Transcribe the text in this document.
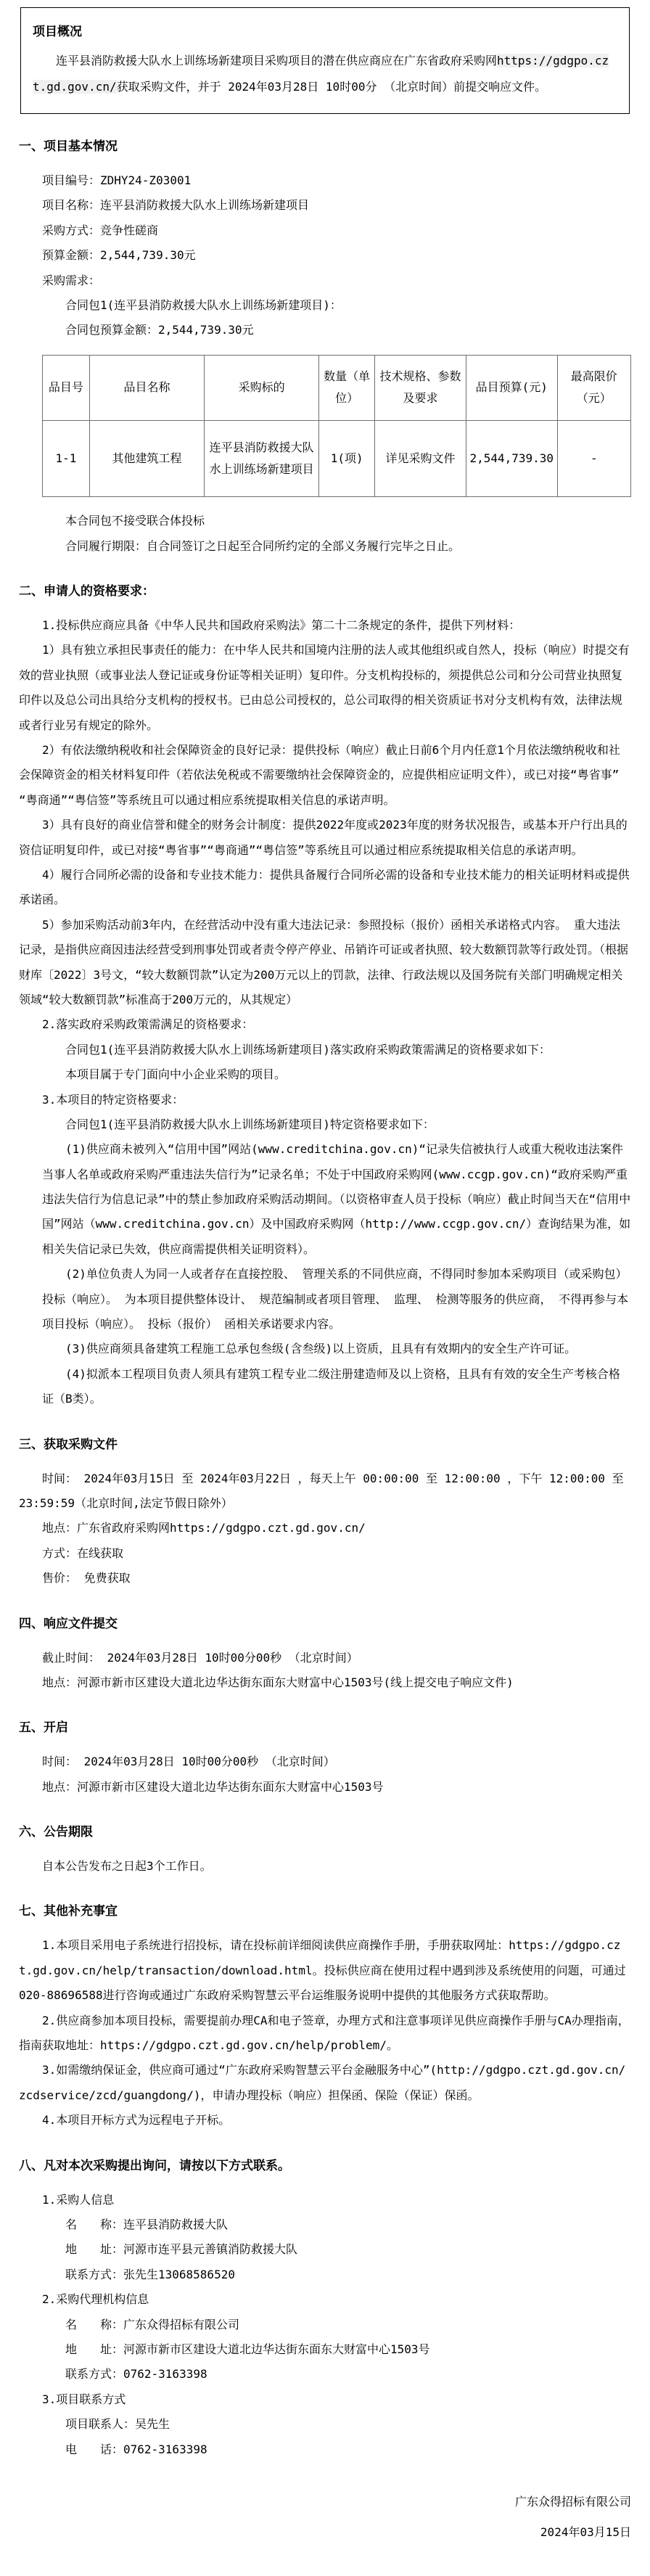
项目概况

连平县消防救援大队水上训练场新建项目采购项目的潜在供应商应在广东省政府采购网https://gdgpo.czt.gd.gov.cn/获取采购文件，并于 2024年03月28日 10时00分 （北京时间）前提交响应文件。

一、项目基本情况

项目编号：ZDHY24-Z03001

项目名称：连平县消防救援大队水上训练场新建项目

采购方式：竞争性磋商

预算金额：2,544,739.30元

采购需求：

合同包1(连平县消防救援大队水上训练场新建项目)：

合同包预算金额：2,544,739.30元

品目号	品目名称	采购标的	数量（单位）	技术规格、参数及要求	品目预算(元)	最高限价（元）
1-1	其他建筑工程	连平县消防救援大队水上训练场新建项目	1(项)	详见采购文件	2,544,739.30	-

本合同包不接受联合体投标

合同履行期限：自合同签订之日起至合同所约定的全部义务履行完毕之日止。

二、申请人的资格要求：

1.投标供应商应具备《中华人民共和国政府采购法》第二十二条规定的条件，提供下列材料：

1）具有独立承担民事责任的能力：在中华人民共和国境内注册的法人或其他组织或自然人，投标（响应）时提交有效的营业执照（或事业法人登记证或身份证等相关证明）复印件。分支机构投标的，须提供总公司和分公司营业执照复印件以及总公司出具给分支机构的授权书。已由总公司授权的，总公司取得的相关资质证书对分支机构有效，法律法规或者行业另有规定的除外。

2）有依法缴纳税收和社会保障资金的良好记录：提供投标（响应）截止日前6个月内任意1个月依法缴纳税收和社会保障资金的相关材料复印件（若依法免税或不需要缴纳社会保障资金的，应提供相应证明文件），或已对接“粤省事”“粤商通”“粤信签”等系统且可以通过相应系统提取相关信息的承诺声明。

3）具有良好的商业信誉和健全的财务会计制度：提供2022年度或2023年度的财务状况报告，或基本开户行出具的资信证明复印件，或已对接“粤省事”“粤商通”“粤信签”等系统且可以通过相应系统提取相关信息的承诺声明。

4）履行合同所必需的设备和专业技术能力：提供具备履行合同所必需的设备和专业技术能力的相关证明材料或提供承诺函。

5）参加采购活动前3年内，在经营活动中没有重大违法记录：参照投标（报价）函相关承诺格式内容。 重大违法记录，是指供应商因违法经营受到刑事处罚或者责令停产停业、吊销许可证或者执照、较大数额罚款等行政处罚。（根据财库〔2022〕3号文，“较大数额罚款”认定为200万元以上的罚款，法律、行政法规以及国务院有关部门明确规定相关领域“较大数额罚款”标准高于200万元的，从其规定）

2.落实政府采购政策需满足的资格要求：

合同包1(连平县消防救援大队水上训练场新建项目)落实政府采购政策需满足的资格要求如下：

本项目属于专门面向中小企业采购的项目。

3.本项目的特定资格要求：

合同包1(连平县消防救援大队水上训练场新建项目)特定资格要求如下：

(1)供应商未被列入“信用中国”网站(www.creditchina.gov.cn)“记录失信被执行人或重大税收违法案件当事人名单或政府采购严重违法失信行为”记录名单；不处于中国政府采购网(www.ccgp.gov.cn)“政府采购严重违法失信行为信息记录”中的禁止参加政府采购活动期间。（以资格审查人员于投标（响应）截止时间当天在“信用中国”网站（www.creditchina.gov.cn）及中国政府采购网（http://www.ccgp.gov.cn/）查询结果为准，如相关失信记录已失效，供应商需提供相关证明资料）。

(2)单位负责人为同一人或者存在直接控股、 管理关系的不同供应商，不得同时参加本采购项目（或采购包）投标（响应）。 为本项目提供整体设计、 规范编制或者项目管理、 监理、 检测等服务的供应商， 不得再参与本项目投标（响应）。 投标（报价） 函相关承诺要求内容。

(3)供应商须具备建筑工程施工总承包叁级(含叁级)以上资质，且具有有效期内的安全生产许可证。

(4)拟派本工程项目负责人须具有建筑工程专业二级注册建造师及以上资格，且具有有效的安全生产考核合格证（B类）。

三、获取采购文件

时间： 2024年03月15日 至 2024年03月22日 ，每天上午 00:00:00 至 12:00:00 ，下午 12:00:00 至 23:59:59（北京时间,法定节假日除外）

地点：广东省政府采购网https://gdgpo.czt.gd.gov.cn/

方式：在线获取

售价： 免费获取

四、响应文件提交

截止时间： 2024年03月28日 10时00分00秒 （北京时间）

地点：河源市新市区建设大道北边华达街东面东大财富中心1503号(线上提交电子响应文件)

五、开启

时间： 2024年03月28日 10时00分00秒 （北京时间）

地点：河源市新市区建设大道北边华达街东面东大财富中心1503号

六、公告期限

自本公告发布之日起3个工作日。

七、其他补充事宜

1.本项目采用电子系统进行招投标，请在投标前详细阅读供应商操作手册，手册获取网址：https://gdgpo.czt.gd.gov.cn/help/transaction/download.html。投标供应商在使用过程中遇到涉及系统使用的问题，可通过020-88696588进行咨询或通过广东政府采购智慧云平台运维服务说明中提供的其他服务方式获取帮助。

2.供应商参加本项目投标，需要提前办理CA和电子签章，办理方式和注意事项详见供应商操作手册与CA办理指南，指南获取地址：https://gdgpo.czt.gd.gov.cn/help/problem/。

3.如需缴纳保证金，供应商可通过“广东政府采购智慧云平台金融服务中心”(http://gdgpo.czt.gd.gov.cn/zcdservice/zcd/guangdong/)，申请办理投标（响应）担保函、保险（保证）保函。

4.本项目开标方式为远程电子开标。

八、凡对本次采购提出询问，请按以下方式联系。

1.采购人信息

名　　称：连平县消防救援大队

地　　址：河源市连平县元善镇消防救援大队

联系方式：张先生13068586520

2.采购代理机构信息

名　　称：广东众得招标有限公司

地　　址：河源市新市区建设大道北边华达街东面东大财富中心1503号

联系方式：0762-3163398

3.项目联系方式

项目联系人：吴先生

电　　话：0762-3163398

广东众得招标有限公司
2024年03月15日
